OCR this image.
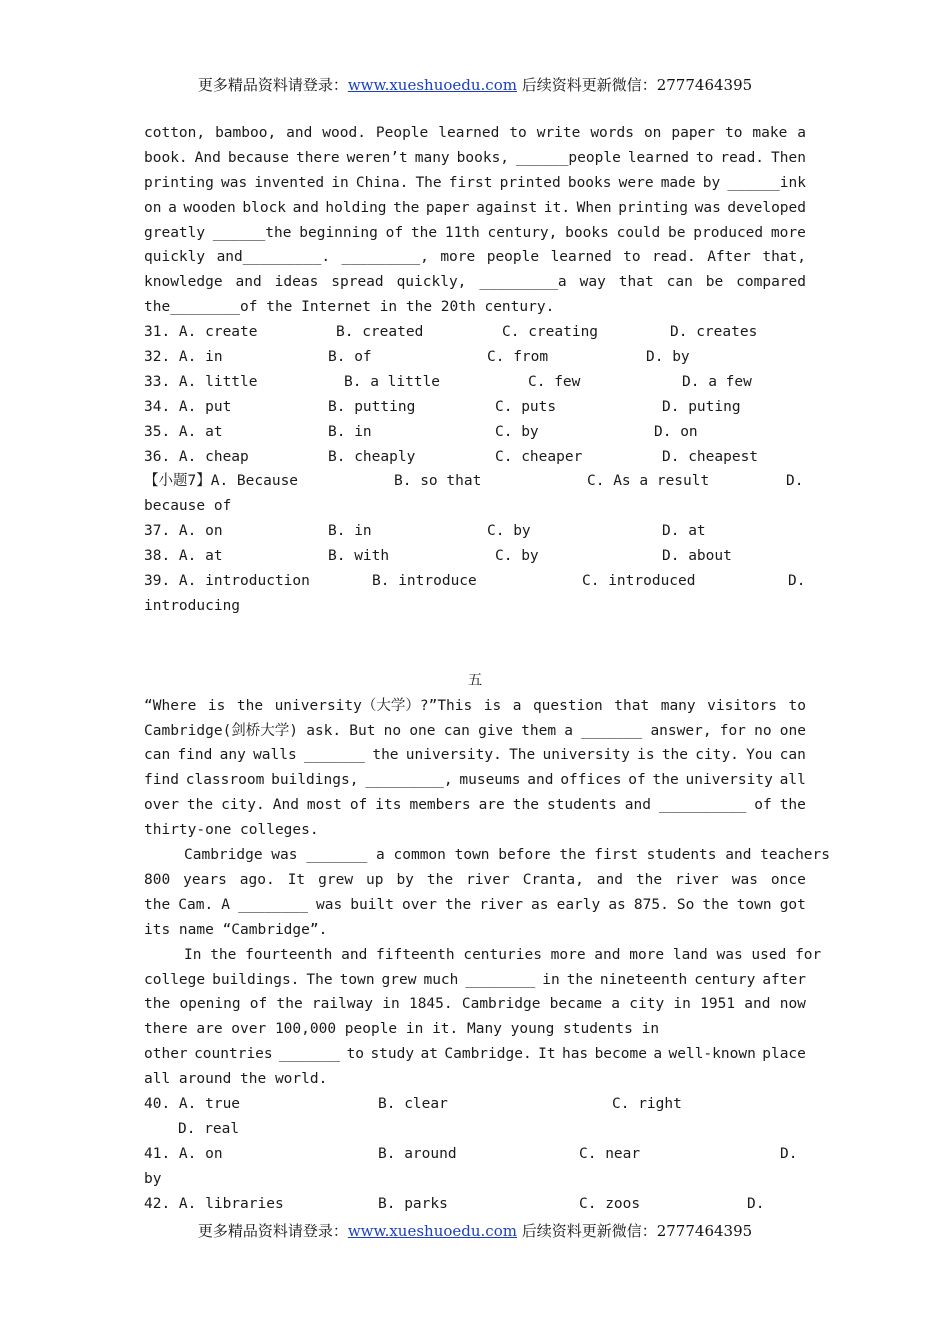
更多精品资料请登录：www.xueshuoedu.com 后续资料更新微信：2777464395
cotton, bamboo, and wood. People learned to write words on paper to make a
book. And because there weren’t many books, ______people learned to read. Then
printing was invented in China. The first printed books were made by ______ink
on a wooden block and holding the paper against it. When printing was developed
greatly ______the beginning of the 11th century, books could be produced more
quickly and_________. _________, more people learned to read. After that,
knowledge and ideas spread quickly, _________a way that can be compared
the________of the Internet in the 20th century.
31. A. create	B. created	C. creating	D. creates
32. A. in	B. of	C. from	D. by
33. A. little	B. a little	C. few	D. a few
34. A. put	B. putting	C. puts	D. puting
35. A. at	B. in	C. by	D. on
36. A. cheap	B. cheaply	C. cheaper	D. cheapest
【小题7】A. Because	B. so that	C. As a result	D.
because of
37. A. on	B. in	C. by	D. at
38. A. at	B. with	C. by	D. about
39. A. introduction	B. introduce	C. introduced	D.
introducing
五
“Where is the university（大学）?”This is a question that many visitors to
Cambridge(剑桥大学) ask. But no one can give them a _______ answer, for no one
can find any walls _______ the university. The university is the city. You can
find classroom buildings, _________, museums and offices of the university all
over the city. And most of its members are the students and __________ of the
thirty-one colleges.
Cambridge was _______ a common town before the first students and teachers
800 years ago. It grew up by the river Cranta, and the river was once
the Cam. A ________ was built over the river as early as 875. So the town got
its name “Cambridge”.
In the fourteenth and fifteenth centuries more and more land was used for
college buildings. The town grew much ________ in the nineteenth century after
the opening of the railway in 1845. Cambridge became a city in 1951 and now
there are over 100,000 people in it. Many young students in
other countries _______ to study at Cambridge. It has become a well-known place
all around the world.
40. A. true	B. clear	C. right
D. real
41. A. on	B. around	C. near	D.
by
42. A. libraries	B. parks	C. zoos	D.
更多精品资料请登录：www.xueshuoedu.com 后续资料更新微信：2777464395
